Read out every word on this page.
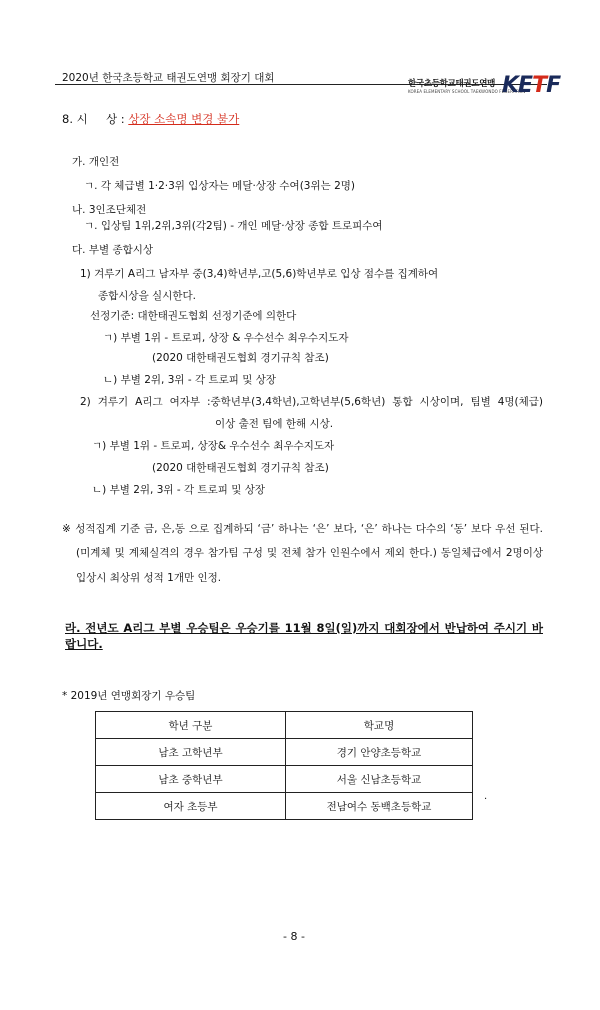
2020년 한국초등학교 태권도연맹 회장기 대회	한국초등학교태권도연맹
KOREA ELEMENTARY SCHOOL TAEKWONDO FEDERATION
KETF
8. 시     상 : 상장 소속명 변경 불가
가. 개인전
ㄱ. 각 체급별 1·2·3위 입상자는 메달·상장 수여(3위는 2명)
나. 3인조단체전
ㄱ. 입상팀 1위,2위,3위(각2팀) - 개인 메달·상장 종합 트로피수여
다. 부별 종합시상
1) 겨루기 A리그 남자부 중(3,4)학년부,고(5,6)학년부로 입상 점수를 집계하여
종합시상을 실시한다.
선정기준: 대한태권도협회 선정기준에 의한다
ㄱ) 부별 1위 - 트로피, 상장 & 우수선수 최우수지도자
(2020 대한태권도협회 경기규칙 참조)
ㄴ) 부별 2위, 3위 - 각 트로피 및 상장
2) 겨루기 A리그 여자부 :중학년부(3,4학년),고학년부(5,6학년) 통합 시상이며, 팀별 4명(체급)
이상 출전 팀에 한해 시상.
ㄱ) 부별 1위 - 트로피, 상장& 우수선수 최우수지도자
(2020 대한태권도협회 경기규칙 참조)
ㄴ) 부별 2위, 3위 - 각 트로피 및 상장
※ 성적집계 기준 금, 은,동 으로 집계하되 ‘금’ 하나는 ‘은’ 보다, ‘은’ 하나는 다수의 ‘동’ 보다 우선 된다.
(미계체 및 계체실격의 경우 참가팀 구성 및 전체 참가 인원수에서 제외 한다.) 동일체급에서 2명이상
입상시 최상위 성적 1개만 인정.
라. 전년도 A리그 부별 우승팀은 우승기를 11월 8일(일)까지 대회장에서 반납하여 주시기 바랍니다.
* 2019년 연맹회장기 우승팀
학년 구분	학교명
남초 고학년부	경기 안양초등학교
남초 중학년부	서울 신남초등학교
여자 초등부	전남여수 동백초등학교
·
- 8 -
